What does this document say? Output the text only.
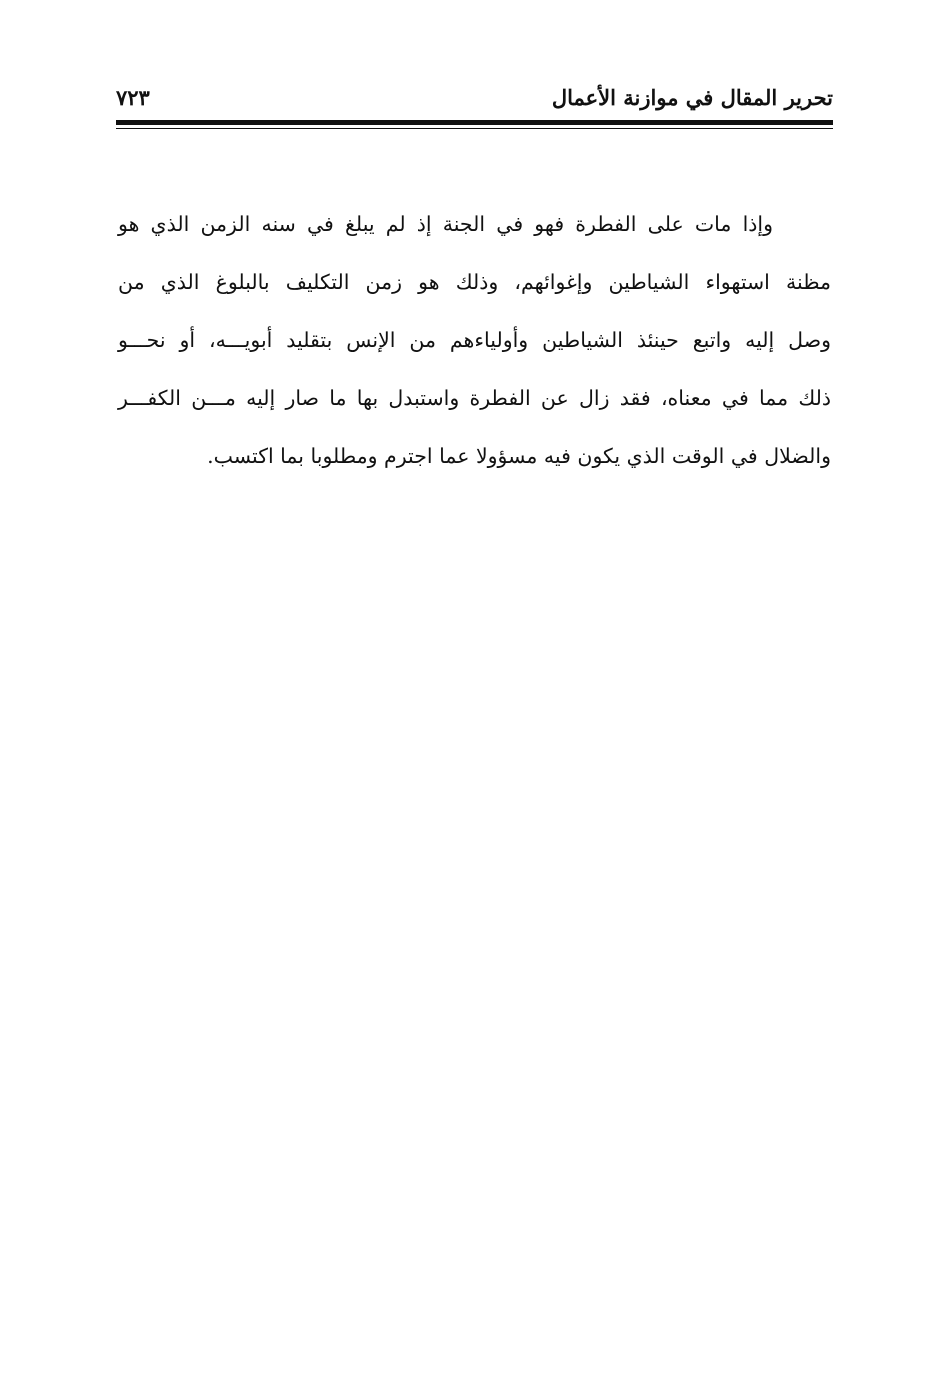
تحرير المقال في موازنة الأعمال
٧٢٣
وإذا مات على الفطرة فهو في الجنة إذ لم يبلغ في سنه الزمن الذي هو
مظنة استهواء الشياطين وإغوائهم، وذلك هو زمن التكليف بالبلوغ الذي من
وصل إليه واتبع حينئذ الشياطين وأولياءهم من الإنس بتقليد أبويـــه، أو نحـــو
ذلك مما في معناه، فقد زال عن الفطرة واستبدل بها ما صار إليه مـــن الكفـــر
والضلال في الوقت الذي يكون فيه مسؤولا عما اجترم ومطلوبا بما اكتسب.
